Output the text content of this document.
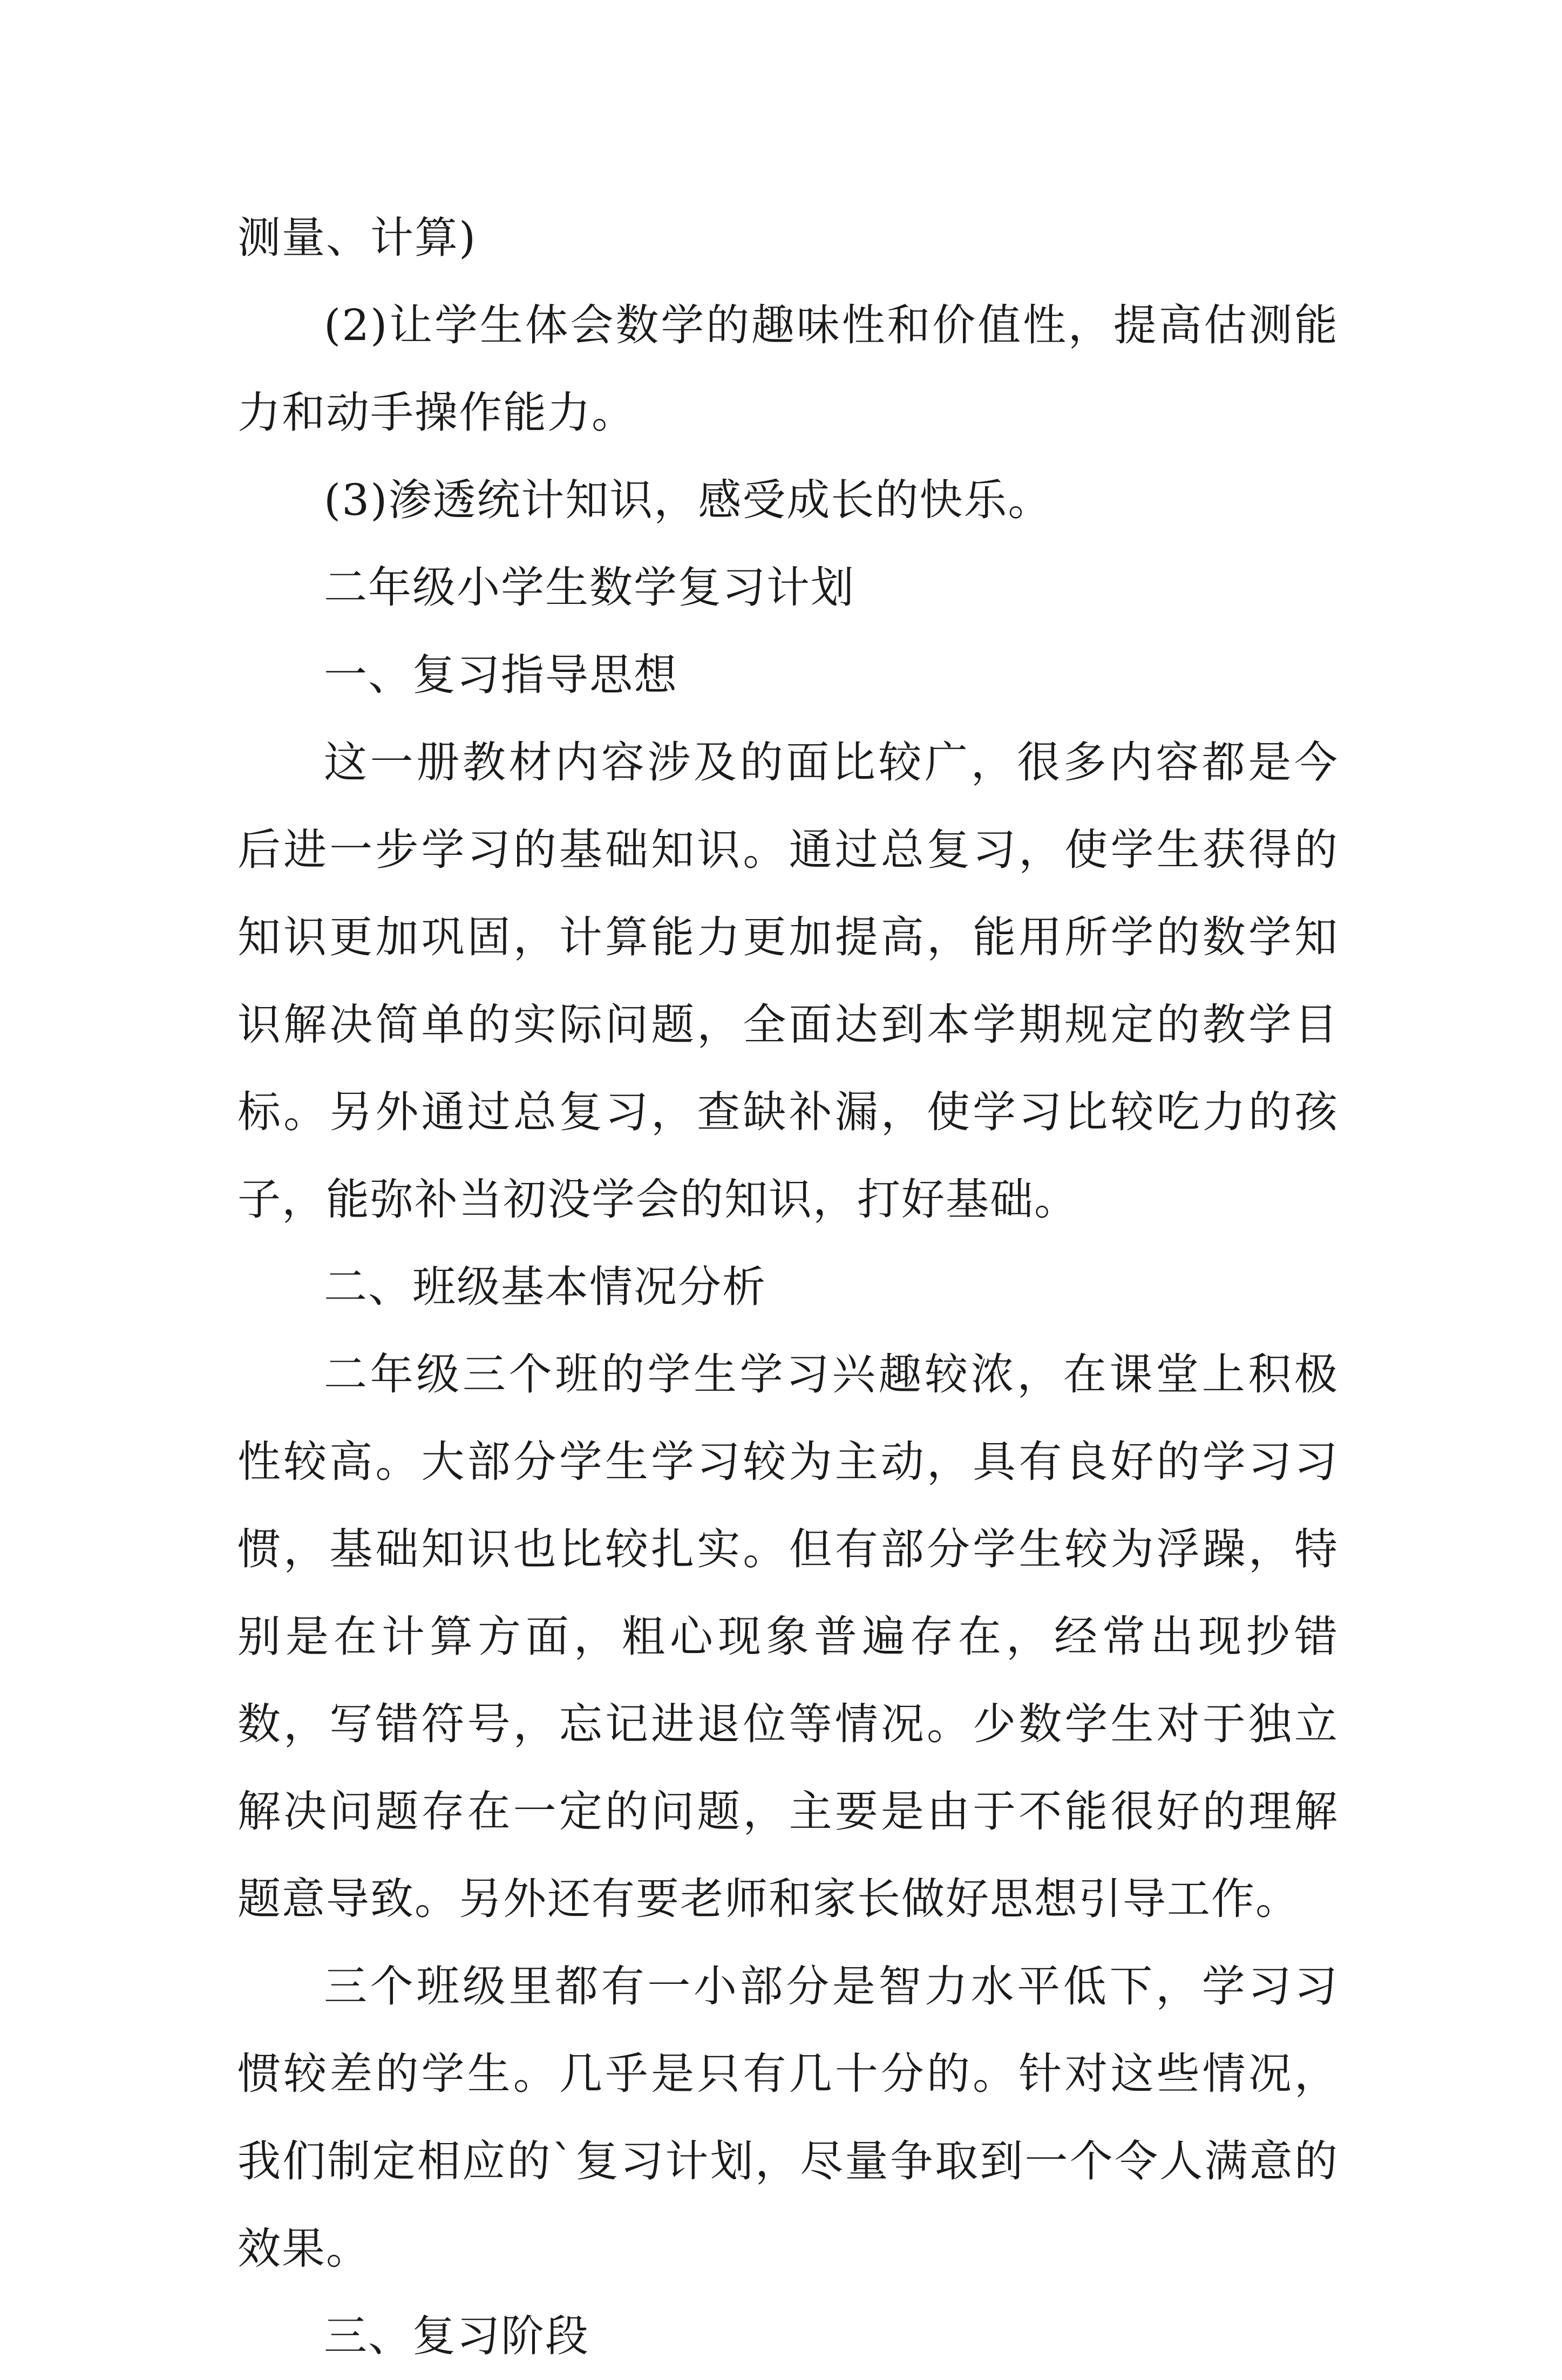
测量、计算)

(2)让学生体会数学的趣味性和价值性，提高估测能力和动手操作能力。

(3)渗透统计知识，感受成长的快乐。

二年级小学生数学复习计划

一、复习指导思想

这一册教材内容涉及的面比较广，很多内容都是今后进一步学习的基础知识。通过总复习，使学生获得的知识更加巩固，计算能力更加提高，能用所学的数学知识解决简单的实际问题，全面达到本学期规定的教学目标。另外通过总复习，查缺补漏，使学习比较吃力的孩子，能弥补当初没学会的知识，打好基础。

二、班级基本情况分析

二年级三个班的学生学习兴趣较浓，在课堂上积极性较高。大部分学生学习较为主动，具有良好的学习习惯，基础知识也比较扎实。但有部分学生较为浮躁，特别是在计算方面，粗心现象普遍存在，经常出现抄错数，写错符号，忘记进退位等情况。少数学生对于独立解决问题存在一定的问题，主要是由于不能很好的理解题意导致。另外还有要老师和家长做好思想引导工作。

三个班级里都有一小部分是智力水平低下，学习习惯较差的学生。几乎是只有几十分的。针对这些情况，我们制定相应的`复习计划，尽量争取到一个令人满意的效果。

三、复习阶段
